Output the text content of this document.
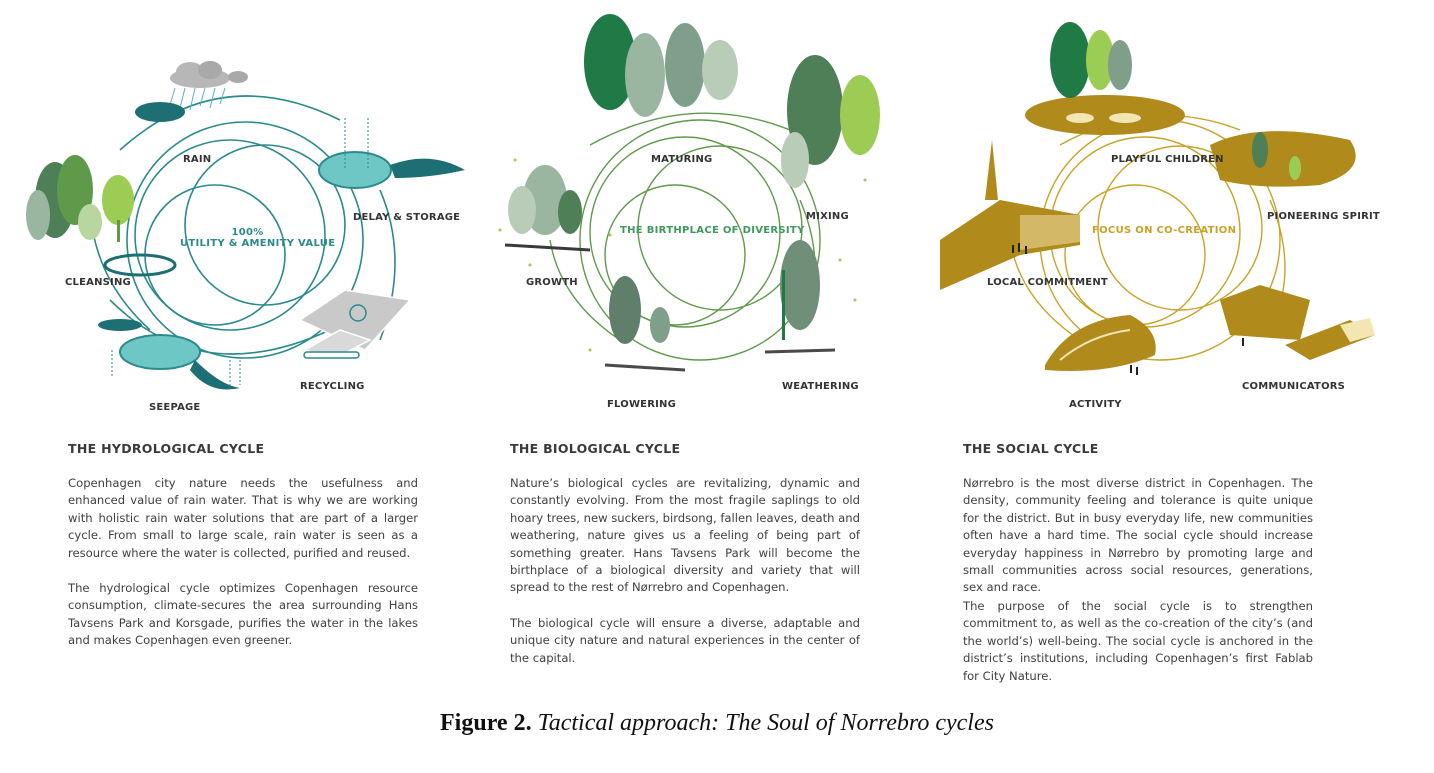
RAIN
DELAY & STORAGE
CLEANSING
RECYCLING
SEEPAGE
100%
UTILITY & AMENITY VALUE
THE HYDROLOGICAL CYCLE

Copenhagen city nature needs the usefulness and enhanced value of rain water. That is why we are working with holistic rain water solutions that are part of a larger cycle. From small to large scale, rain water is seen as a resource where the water is collected, purified and reused.

The hydrological cycle optimizes Copenhagen resource consumption, climate-secures the area surrounding Hans Tavsens Park and Korsgade, purifies the water in the lakes and makes Copenhagen even greener.

MATURING
MIXING
GROWTH
WEATHERING
FLOWERING
THE BIRTHPLACE OF DIVERSITY
THE BIOLOGICAL CYCLE

Nature’s biological cycles are revitalizing, dynamic and constantly evolving. From the most fragile saplings to old hoary trees, new suckers, birdsong, fallen leaves, death and weathering, nature gives us a feeling of being part of something greater. Hans Tavsens Park will become the birthplace of a biological diversity and variety that will spread to the rest of Nørrebro and Copenhagen.

The biological cycle will ensure a diverse, adaptable and unique city nature and natural experiences in the center of the capital.

PLAYFUL CHILDREN
PIONEERING SPIRIT
LOCAL COMMITMENT
ACTIVITY
COMMUNICATORS
FOCUS ON CO-CREATION
THE SOCIAL CYCLE

Nørrebro is the most diverse district in Copenhagen. The density, community feeling and tolerance is quite unique for the district. But in busy everyday life, new communities often have a hard time. The social cycle should increase everyday happiness in Nørrebro by promoting large and small communities across social resources, generations, sex and race.

The purpose of the social cycle is to strengthen commitment to, as well as the co-creation of the city’s (and the world’s) well-being. The social cycle is anchored in the district’s institutions, including Copenhagen’s first Fablab for City Nature.

Figure 2. Tactical approach: The Soul of Norrebro cycles
